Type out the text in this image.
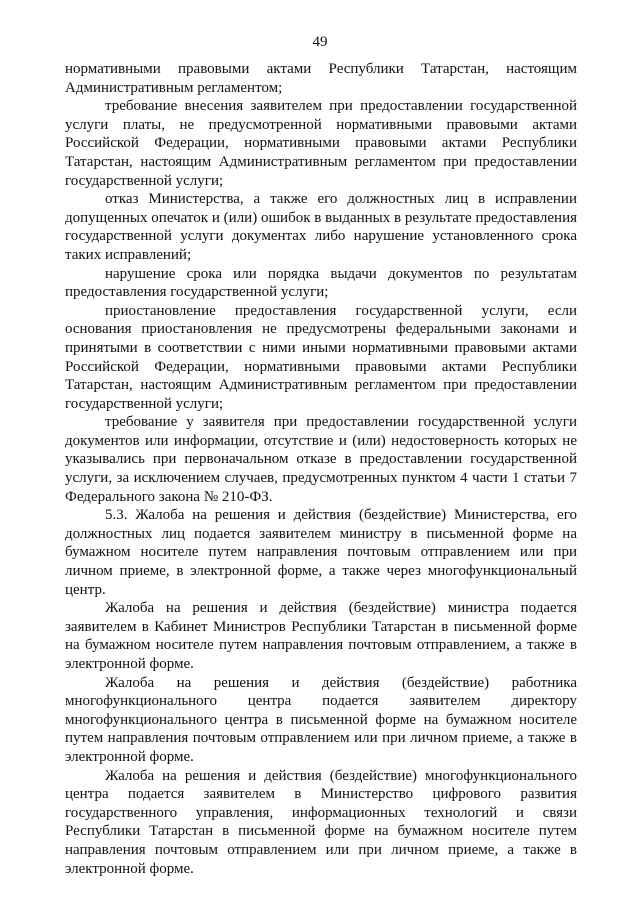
49

нормативными правовыми актами Республики Татарстан, настоящим Административным регламентом;

требование внесения заявителем при предоставлении государственной услуги платы, не предусмотренной нормативными правовыми актами Российской Федерации, нормативными правовыми актами Республики Татарстан, настоящим Административным регламентом при предоставлении государственной услуги;

отказ Министерства, а также его должностных лиц в исправлении допущенных опечаток и (или) ошибок в выданных в результате предоставления государственной услуги документах либо нарушение установленного срока таких исправлений;

нарушение срока или порядка выдачи документов по результатам предоставления государственной услуги;

приостановление предоставления государственной услуги, если основания приостановления не предусмотрены федеральными законами и принятыми в соответствии с ними иными нормативными правовыми актами Российской Федерации, нормативными правовыми актами Республики Татарстан, настоящим Административным регламентом при предоставлении государственной услуги;

требование у заявителя при предоставлении государственной услуги документов или информации, отсутствие и (или) недостоверность которых не указывались при первоначальном отказе в предоставлении государственной услуги, за исключением случаев, предусмотренных пунктом 4 части 1 статьи 7 Федерального закона № 210-ФЗ.

5.3. Жалоба на решения и действия (бездействие) Министерства, его должностных лиц подается заявителем министру в письменной форме на бумажном носителе путем направления почтовым отправлением или при личном приеме, в электронной форме, а также через многофункциональный центр.

Жалоба на решения и действия (бездействие) министра подается заявителем в Кабинет Министров Республики Татарстан в письменной форме на бумажном носителе путем направления почтовым отправлением, а также в электронной форме.

Жалоба на решения и действия (бездействие) работника многофункционального центра подается заявителем директору многофункционального центра в письменной форме на бумажном носителе путем направления почтовым отправлением или при личном приеме, а также в электронной форме.

Жалоба на решения и действия (бездействие) многофункционального центра подается заявителем в Министерство цифрового развития государственного управления, информационных технологий и связи Республики Татарстан в письменной форме на бумажном носителе путем направления почтовым отправлением или при личном приеме, а также в электронной форме.
